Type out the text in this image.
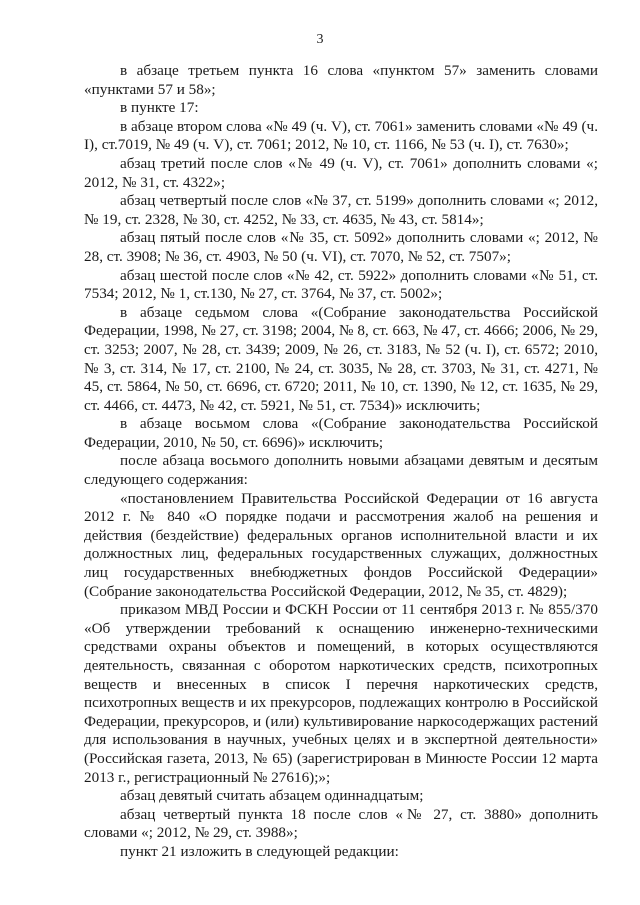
3

в абзаце третьем пункта 16 слова «пунктом 57» заменить словами «пунктами 57 и 58»;

в пункте 17:

в абзаце втором слова «№ 49 (ч. V), ст. 7061» заменить словами «№ 49 (ч. I), ст.7019, № 49 (ч. V), ст. 7061; 2012, № 10, ст. 1166, № 53 (ч. I), ст. 7630»;

абзац третий после слов «№ 49 (ч. V), ст. 7061» дополнить словами «; 2012, № 31, ст. 4322»;

абзац четвертый после слов «№ 37, ст. 5199» дополнить словами «; 2012, № 19, ст. 2328, № 30, ст. 4252, № 33, ст. 4635, № 43, ст. 5814»;

абзац пятый после слов «№ 35, ст. 5092» дополнить словами «; 2012, № 28, ст. 3908; № 36, ст. 4903, № 50 (ч. VI), ст. 7070, № 52, ст. 7507»;

абзац шестой после слов «№ 42, ст. 5922» дополнить словами «№ 51, ст. 7534; 2012, № 1, ст.130, № 27, ст. 3764, № 37, ст. 5002»;

в абзаце седьмом слова «(Собрание законодательства Российской Федерации, 1998, № 27, ст. 3198; 2004, № 8, ст. 663, № 47, ст. 4666; 2006, № 29, ст. 3253; 2007, № 28, ст. 3439; 2009, № 26, ст. 3183, № 52 (ч. I), ст. 6572; 2010, № 3, ст. 314, № 17, ст. 2100, № 24, ст. 3035, № 28, ст. 3703, № 31, ст. 4271, № 45, ст. 5864, № 50, ст. 6696, ст. 6720; 2011, № 10, ст. 1390, № 12, ст. 1635, № 29, ст. 4466, ст. 4473, № 42, ст. 5921, № 51, ст. 7534)» исключить;

в абзаце восьмом слова «(Собрание законодательства Российской Федерации, 2010, № 50, ст. 6696)» исключить;

после абзаца восьмого дополнить новыми абзацами девятым и десятым следующего содержания:

«постановлением Правительства Российской Федерации от 16 августа 2012 г. № 840 «О порядке подачи и рассмотрения жалоб на решения и действия (бездействие) федеральных органов исполнительной власти и их должностных лиц, федеральных государственных служащих, должностных лиц государственных внебюджетных фондов Российской Федерации» (Собрание законодательства Российской Федерации, 2012, № 35, ст. 4829);

приказом МВД России и ФСКН России от 11 сентября 2013 г. № 855/370 «Об утверждении требований к оснащению инженерно-техническими средствами охраны объектов и помещений, в которых осуществляются деятельность, связанная с оборотом наркотических средств, психотропных веществ и внесенных в список I перечня наркотических средств, психотропных веществ и их прекурсоров, подлежащих контролю в Российской Федерации, прекурсоров, и (или) культивирование наркосодержащих растений для использования в научных, учебных целях и в экспертной деятельности» (Российская газета, 2013, № 65) (зарегистрирован в Минюсте России 12 марта 2013 г., регистрационный № 27616);»;

абзац девятый считать абзацем одиннадцатым;

абзац четвертый пункта 18 после слов «№ 27, ст. 3880» дополнить словами «; 2012, № 29, ст. 3988»;

пункт 21 изложить в следующей редакции:
